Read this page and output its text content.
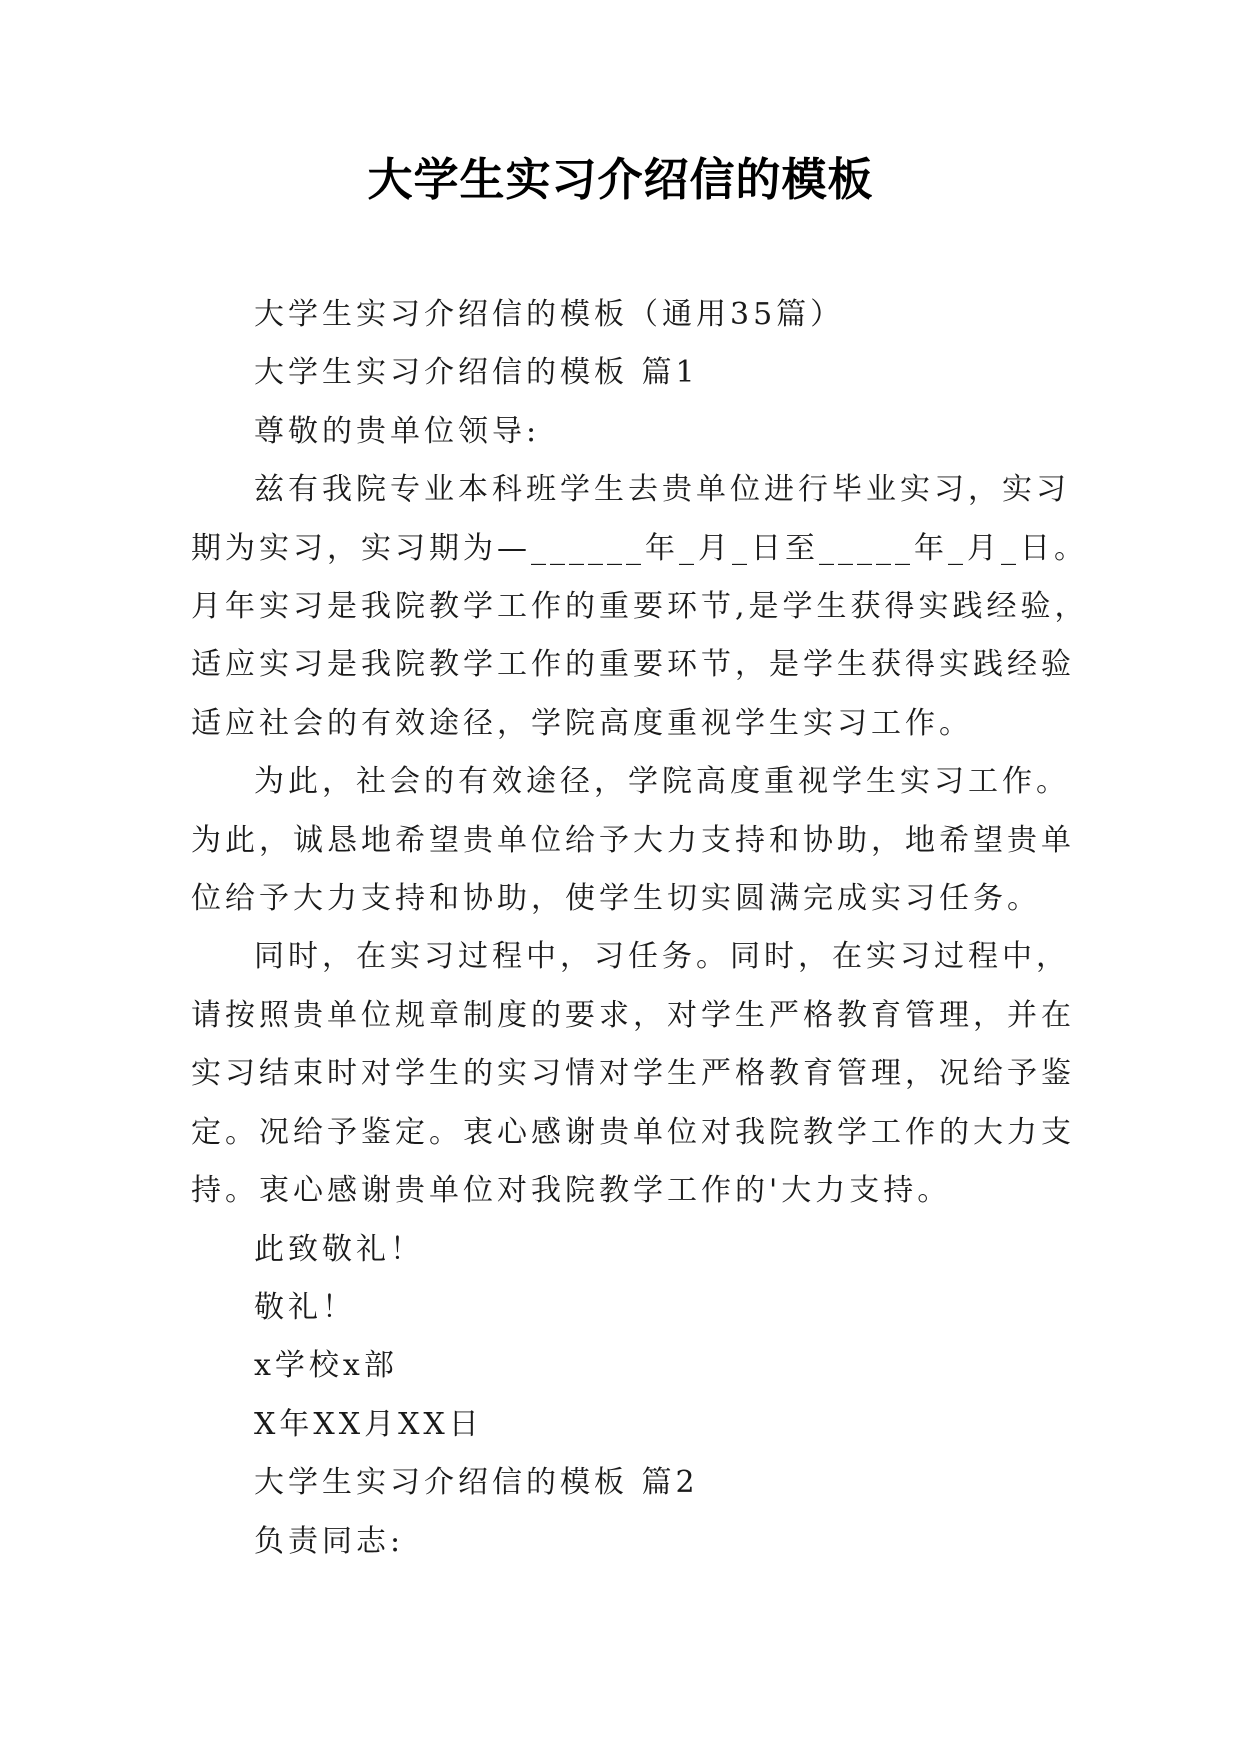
大学生实习介绍信的模板

大学生实习介绍信的模板（通用35篇）

大学生实习介绍信的模板 篇1

尊敬的贵单位领导:

兹有我院专业本科班学生去贵单位进行毕业实习，实习
期为实习，实习期为—______年_月_日至_____年_月_日。
月年实习是我院教学工作的重要环节,是学生获得实践经验，
适应实习是我院教学工作的重要环节，是学生获得实践经验
适应社会的有效途径，学院高度重视学生实习工作。

为此，社会的有效途径，学院高度重视学生实习工作。
为此，诚恳地希望贵单位给予大力支持和协助，地希望贵单
位给予大力支持和协助，使学生切实圆满完成实习任务。

同时，在实习过程中，习任务。同时，在实习过程中，
请按照贵单位规章制度的要求，对学生严格教育管理，并在
实习结束时对学生的实习情对学生严格教育管理，况给予鉴
定。况给予鉴定。衷心感谢贵单位对我院教学工作的大力支
持。衷心感谢贵单位对我院教学工作的'大力支持。

此致敬礼！

敬礼！

x学校x部

X年XX月XX日

大学生实习介绍信的模板 篇2

负责同志:
